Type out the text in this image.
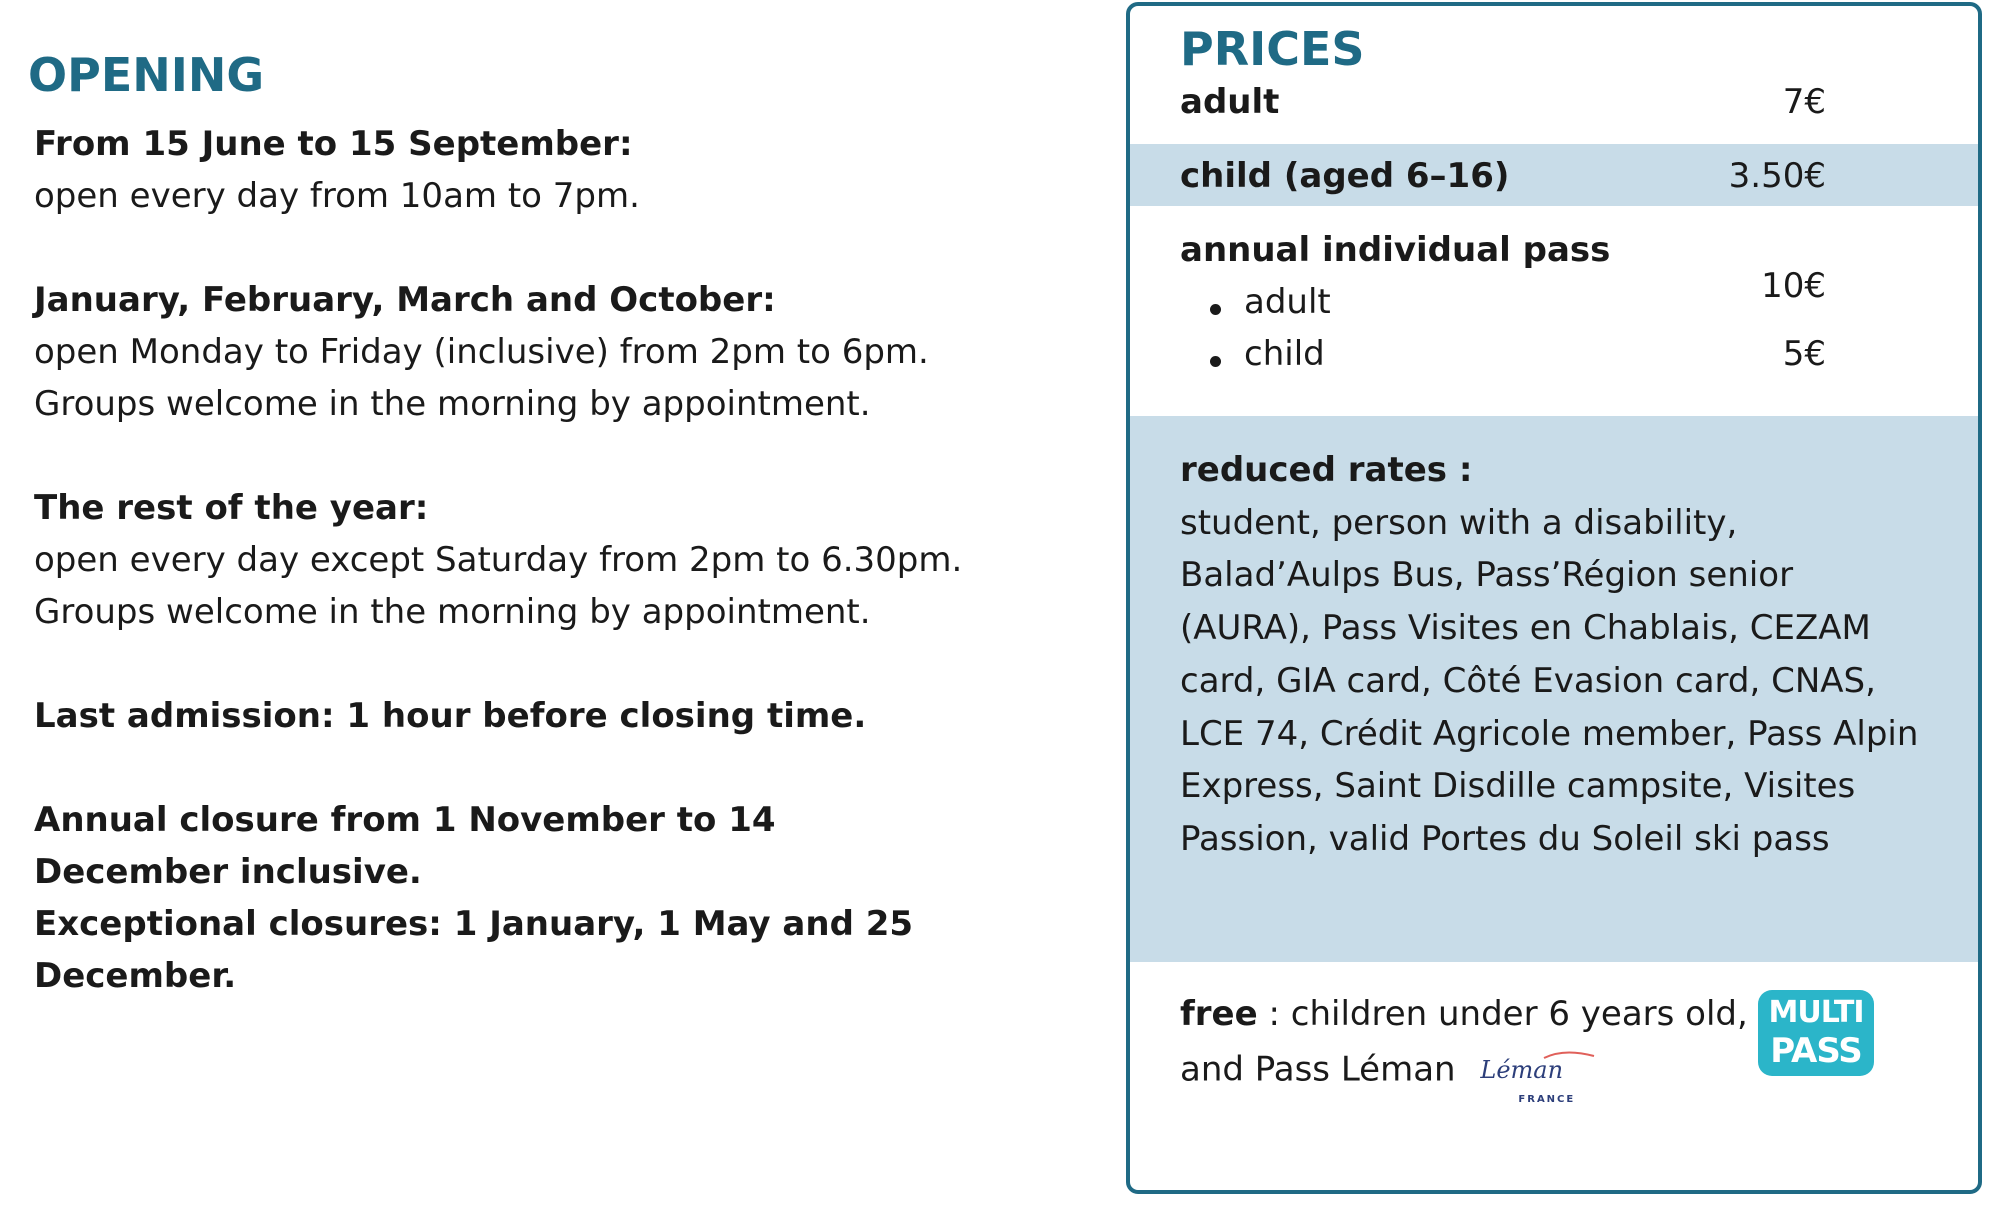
OPENING

From 15 June to 15 September:

open every day from 10am to 7pm.

January, February, March and October:

open Monday to Friday (inclusive) from 2pm to 6pm.

Groups welcome in the morning by appointment.

The rest of the year:

open every day except Saturday from 2pm to 6.30pm.

Groups welcome in the morning by appointment.

Last admission: 1 hour before closing time.

Annual closure from 1 November to 14 December inclusive.

Exceptional closures: 1 January, 1 May and 25 December.

PRICES
adult	7€
child (aged 6–16)	3.50€
annual individual pass
adult	10€
child	5€
reduced rates :
student, person with a disability, Balad’Aulps Bus, Pass’Région senior (AURA), Pass Visites en Chablais, CEZAM card, GIA card, Côté Evasion card, CNAS, LCE 74, Crédit Agricole member, Pass Alpin Express, Saint Disdille campsite, Visites Passion, valid Portes du Soleil ski pass
free : children under 6 years old, and Pass Léman Léman
FRANCE
MULTI
PASS
